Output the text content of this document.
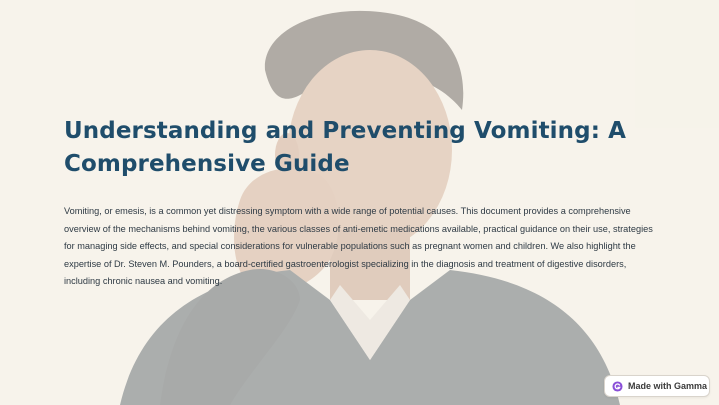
Understanding and Preventing Vomiting: A Comprehensive Guide

Vomiting, or emesis, is a common yet distressing symptom with a wide range of potential causes. This document provides a comprehensive overview of the mechanisms behind vomiting, the various classes of anti-emetic medications available, practical guidance on their use, strategies for managing side effects, and special considerations for vulnerable populations such as pregnant women and children. We also highlight the expertise of Dr. Steven M. Pounders, a board-certified gastroenterologist specializing in the diagnosis and treatment of digestive disorders, including chronic nausea and vomiting.

Made with Gamma
